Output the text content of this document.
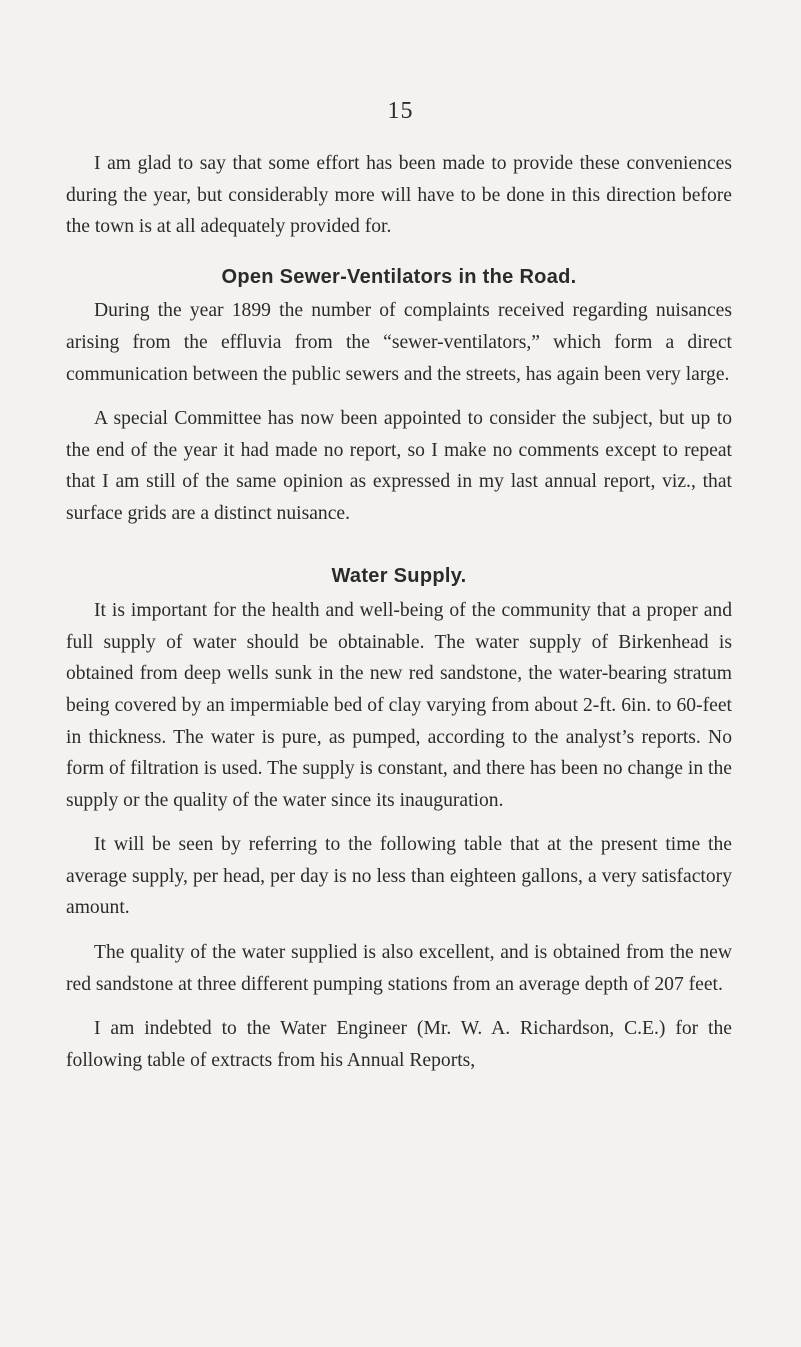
15

I am glad to say that some effort has been made to provide these conveniences during the year, but considerably more will have to be done in this direction before the town is at all adequately provided for.

Open Sewer-Ventilators in the Road.

During the year 1899 the number of complaints received regarding nuisances arising from the effluvia from the “sewer-ventilators,” which form a direct communication between the public sewers and the streets, has again been very large.

A special Committee has now been appointed to consider the subject, but up to the end of the year it had made no report, so I make no comments except to repeat that I am still of the same opinion as expressed in my last annual report, viz., that surface grids are a distinct nuisance.

Water Supply.

It is important for the health and well-being of the community that a proper and full supply of water should be obtainable. The water supply of Birkenhead is obtained from deep wells sunk in the new red sandstone, the water-bearing stratum being covered by an impermiable bed of clay varying from about 2-ft. 6in. to 60-feet in thickness. The water is pure, as pumped, according to the analyst’s reports. No form of filtration is used. The supply is constant, and there has been no change in the supply or the quality of the water since its inauguration.

It will be seen by referring to the following table that at the present time the average supply, per head, per day is no less than eighteen gallons, a very satisfactory amount.

The quality of the water supplied is also excellent, and is obtained from the new red sandstone at three different pumping stations from an average depth of 207 feet.

I am indebted to the Water Engineer (Mr. W. A. Richardson, C.E.) for the following table of extracts from his Annual Reports,
